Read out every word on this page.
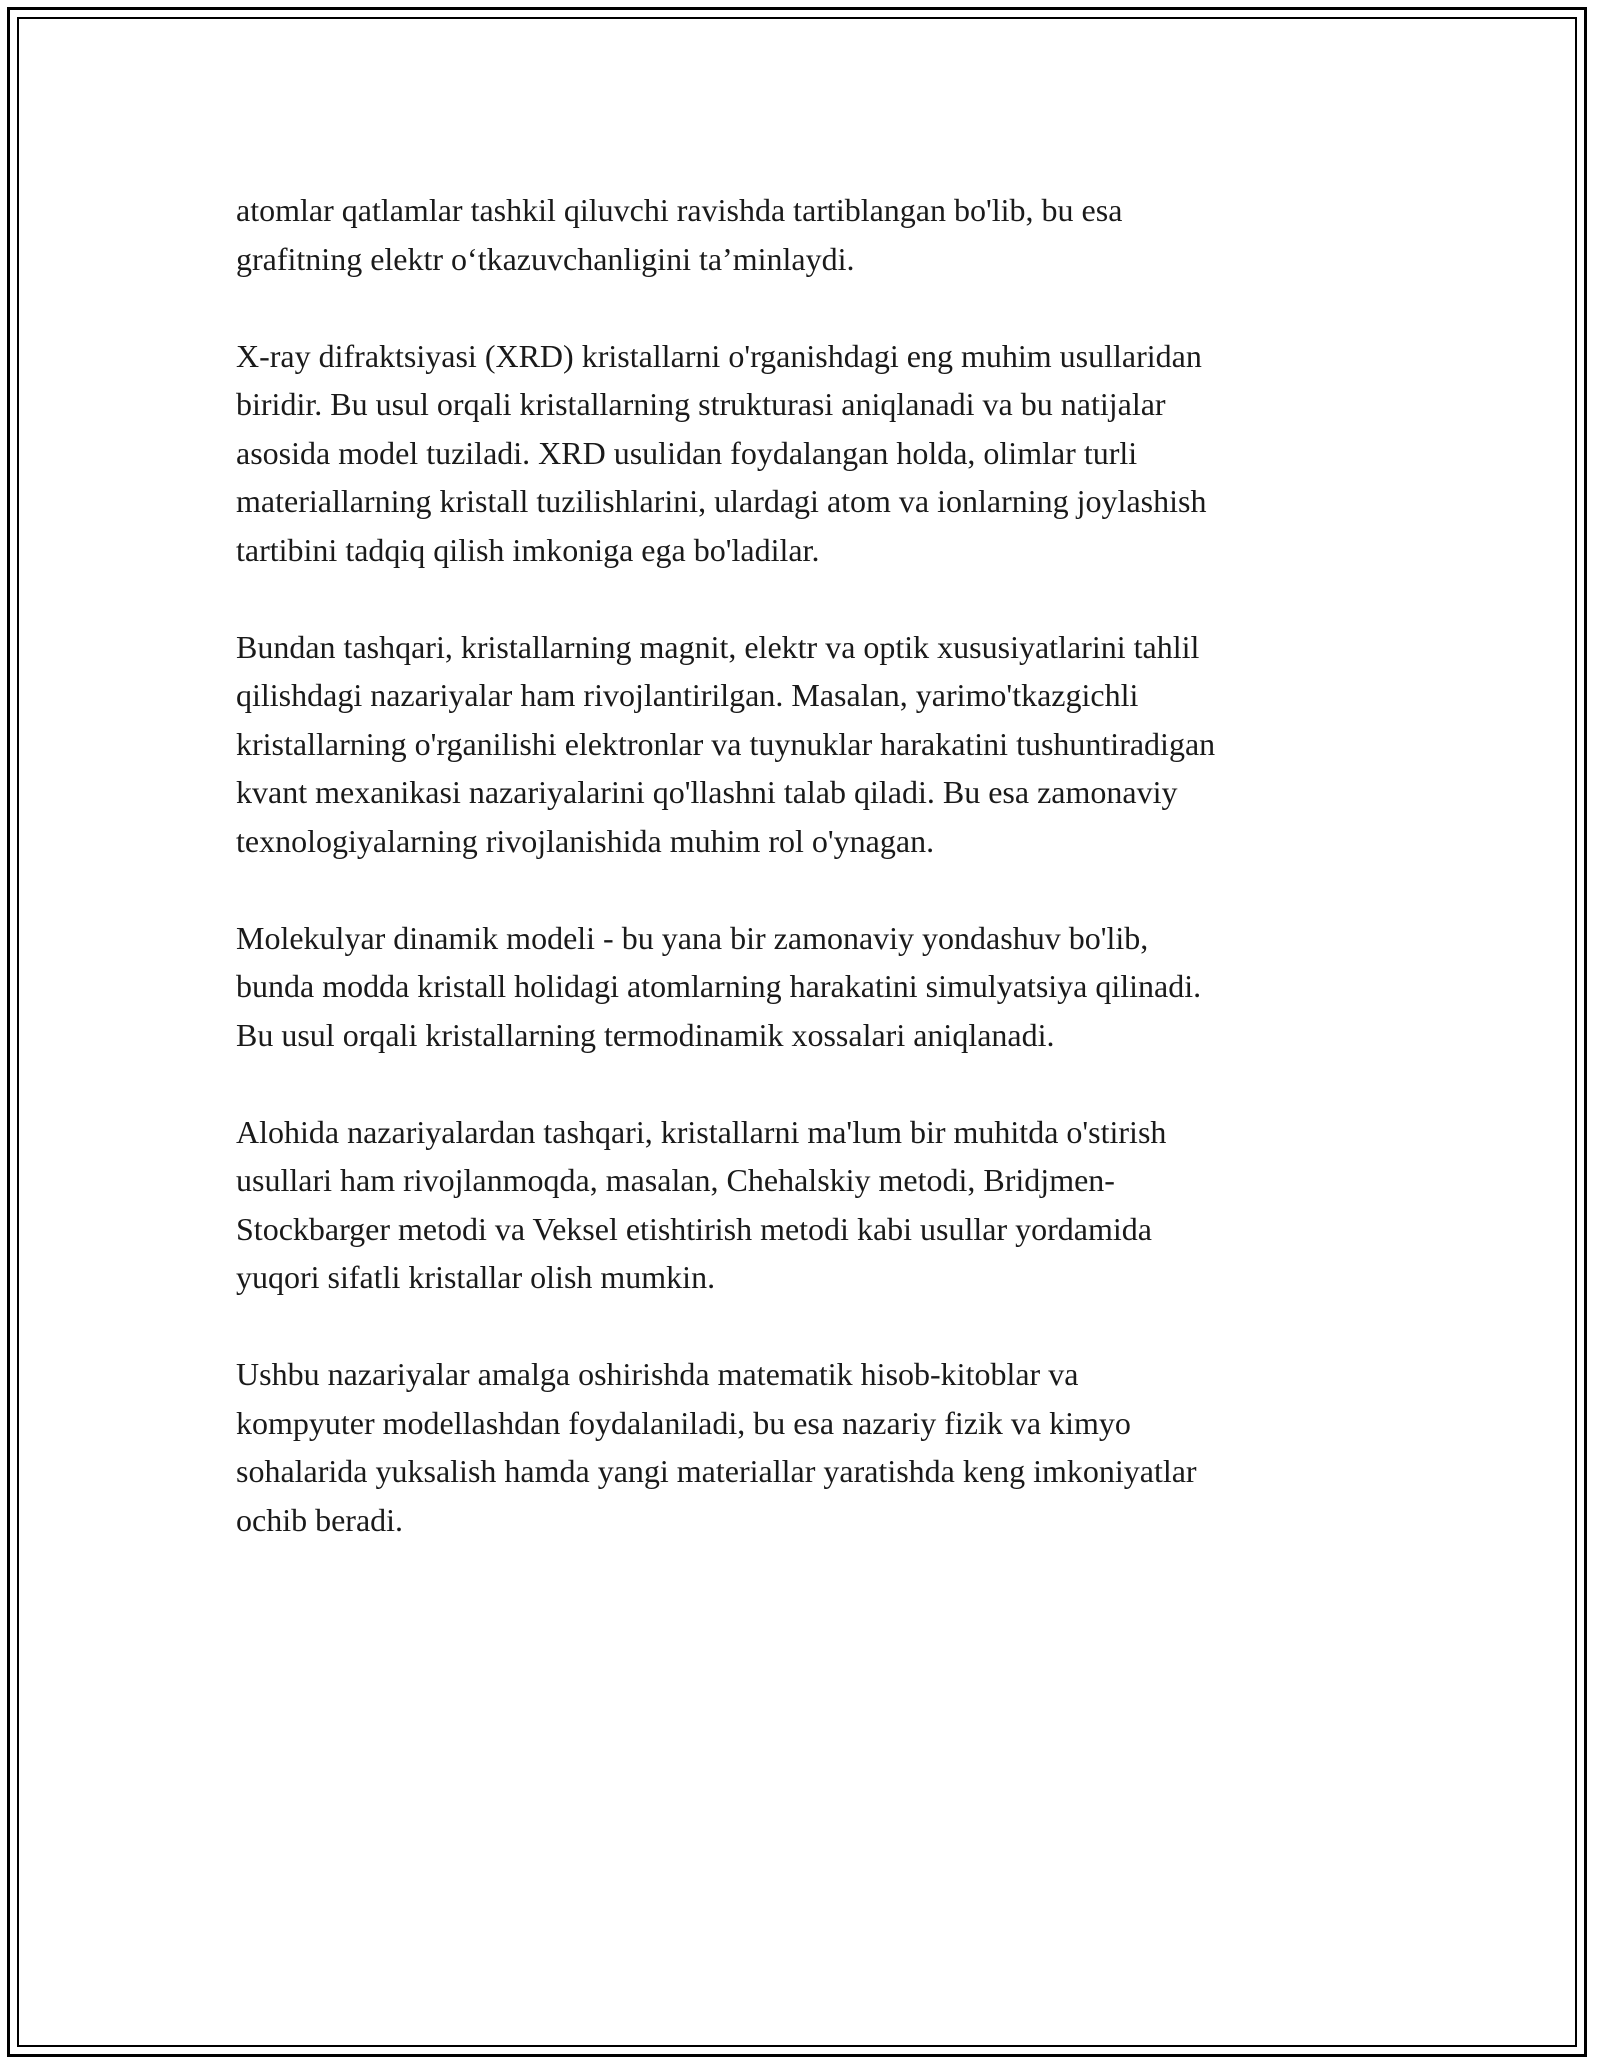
atomlar qatlamlar tashkil qiluvchi ravishda tartiblangan bo'lib, bu esa
grafitning elektr o‘tkazuvchanligini ta’minlaydi.

X-ray difraktsiyasi (XRD) kristallarni o'rganishdagi eng muhim usullaridan
biridir. Bu usul orqali kristallarning strukturasi aniqlanadi va bu natijalar
asosida model tuziladi. XRD usulidan foydalangan holda, olimlar turli
materiallarning kristall tuzilishlarini, ulardagi atom va ionlarning joylashish
tartibini tadqiq qilish imkoniga ega bo'ladilar.

Bundan tashqari, kristallarning magnit, elektr va optik xususiyatlarini tahlil
qilishdagi nazariyalar ham rivojlantirilgan. Masalan, yarimo'tkazgichli
kristallarning o'rganilishi elektronlar va tuynuklar harakatini tushuntiradigan
kvant mexanikasi nazariyalarini qo'llashni talab qiladi. Bu esa zamonaviy
texnologiyalarning rivojlanishida muhim rol o'ynagan.

Molekulyar dinamik modeli - bu yana bir zamonaviy yondashuv bo'lib,
bunda modda kristall holidagi atomlarning harakatini simulyatsiya qilinadi.
Bu usul orqali kristallarning termodinamik xossalari aniqlanadi.

Alohida nazariyalardan tashqari, kristallarni ma'lum bir muhitda o'stirish
usullari ham rivojlanmoqda, masalan, Chehalskiy metodi, Bridjmen-
Stockbarger metodi va Veksel etishtirish metodi kabi usullar yordamida
yuqori sifatli kristallar olish mumkin.

Ushbu nazariyalar amalga oshirishda matematik hisob-kitoblar va
kompyuter modellashdan foydalaniladi, bu esa nazariy fizik va kimyo
sohalarida yuksalish hamda yangi materiallar yaratishda keng imkoniyatlar
ochib beradi.
